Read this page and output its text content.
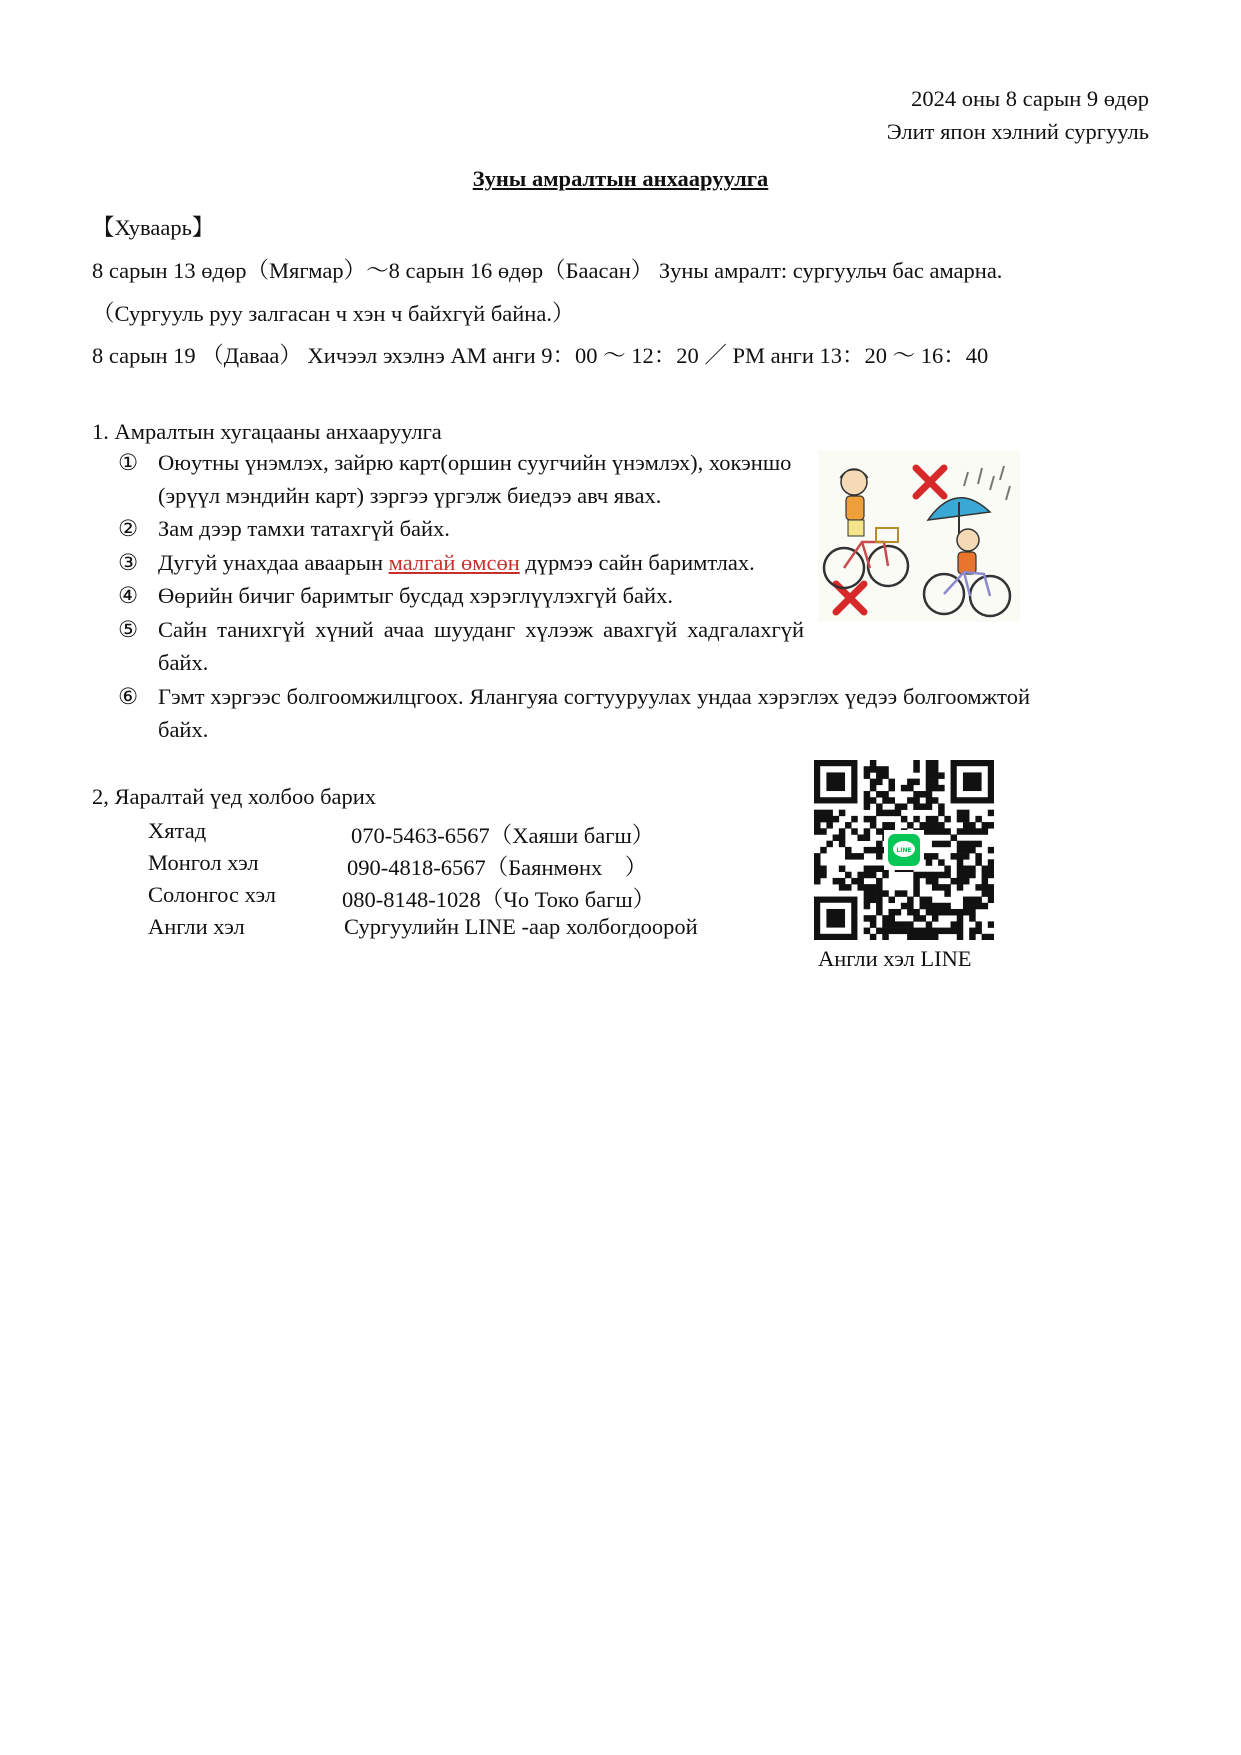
2024 оны 8 сарын 9 өдөр
Элит япон хэлний сургууль
Зуны амралтын анхааруулга
【Хуваарь】
8 сарын 13 өдөр（Мягмар）～8 сарын 16 өдөр（Баасан） Зуны амралт: сургуульч бас амарна.
（Сургууль руу залгасан ч хэн ч байхгүй байна.）
8 сарын 19 （Даваа） Хичээл эхэлнэ AM анги 9：00 ～ 12：20 ／ PM анги 13：20 ～ 16：40
1. Амралтын хугацааны анхааруулга
① Оюутны үнэмлэх, зайрю карт(оршин суугчийн үнэмлэх), хокэншо
(эрүүл мэндийн карт) зэргээ үргэлж биедээ авч явах.
② Зам дээр тамхи татахгүй байх.
③ Дугуй унахдаа аваарын малгай өмсөн дүрмээ сайн баримтлах.
④ Өөрийн бичиг баримтыг бусдад хэрэглүүлэхгүй байх.
⑤ Сайн танихгүй хүний ачаа шууданг хүлээж авахгүй хадгалахгүй
байх.
⑥ Гэмт хэргээс болгоомжилцгоох. Ялангуяа согтууруулах ундаа хэрэглэх үедээ болгоомжтой
байх.
2, Яаралтай үед холбоо барих
Хятад	070-5463-6567（Хаяши багш）
Монгол хэл	090-4818-6567（Баянмөнх　）
Солонгос хэл	080-8148-1028（Чо Токо багш）
Англи хэл	Сургуулийн LINE -аар холбогдоорой
LINE
Англи хэл LINE
